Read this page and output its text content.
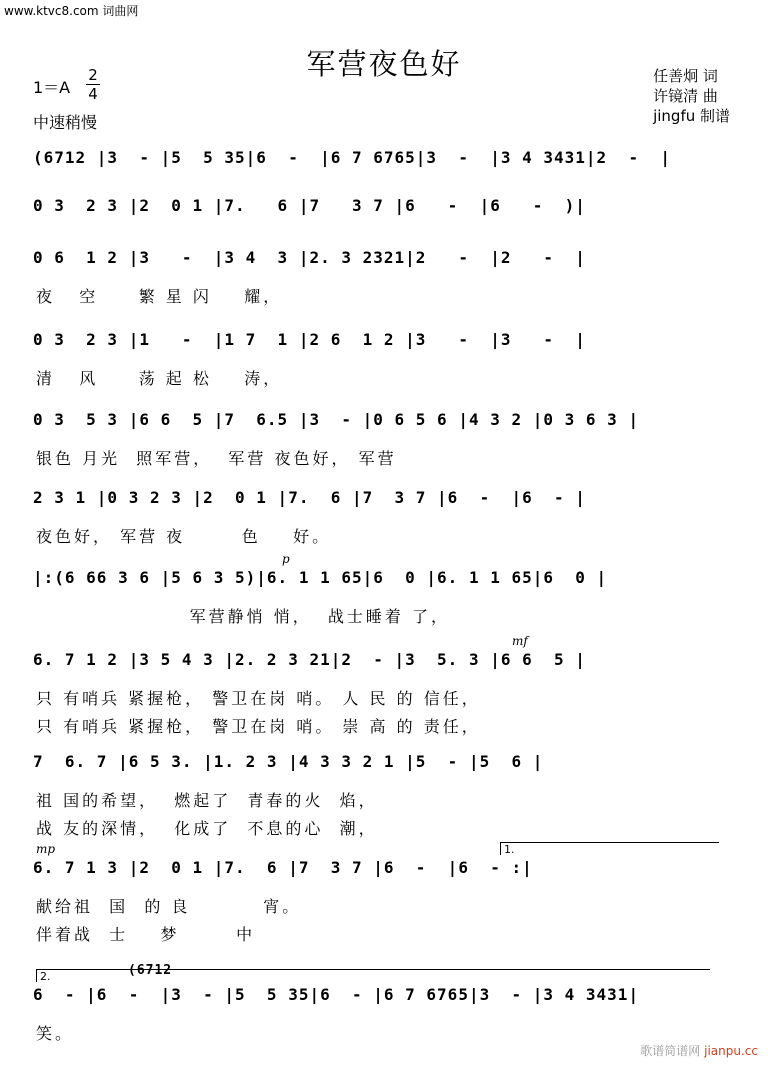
www.ktvc8.com 词曲网
军营夜色好
$1=A \frac{2}{4}$
中速稍慢
任善炯 词
许镜清 曲
jingfu 制谱
(6712 |3  - |5  5 35|6  -  |6 7 6765|3  -  |3 4 3431|2  -  |
0 3  2 3 |2  0 1 |7.   6 |7   3 7 |6   -  |6   -  )|
0 6  1 2 |3   -  |3 4  3 |2. 3 2321|2   -  |2   -  |
夜   空     繁 星 闪    耀，
0 3  2 3 |1   -  |1 7  1 |2 6  1 2 |3   -  |3   -  |
清   风     荡 起 松    涛，
0 3  5 3 |6 6  5 |7  6.5 |3  - |0 6 5 6 |4 3 2 |0 3 6 3 |
银色 月光  照军营，  军营 夜色好， 军营
2 3 1 |0 3 2 3 |2  0 1 |7.  6 |7  3 7 |6  -  |6  - |
夜色好， 军营 夜       色    好。
p
|:(6 66 3 6 |5 6 3 5)|6. 1 1 65|6  0 |6. 1 1 65|6  0 |
军营静悄 悄，  战士睡着 了，
mf
6. 7 1 2 |3 5 4 3 |2. 2 3 21|2  - |3  5. 3 |6 6  5 |
只 有哨兵 紧握枪， 警卫在岗 哨。 人 民 的 信任，
只 有哨兵 紧握枪， 警卫在岗 哨。 崇 高 的 责任，
7  6. 7 |6 5 3. |1. 2 3 |4 3 3 2 1 |5  - |5  6 |
祖 国的希望，  燃起了  青春的火  焰，
战 友的深情，  化成了  不息的心  潮，
1.
mp
6. 7 1 3 |2  0 1 |7.  6 |7  3 7 |6  -  |6  - :|
献给祖  国  的 良         宵。
伴着战  士    梦       中
2.	(6712
6  - |6  -  |3  - |5  5 35|6  - |6 7 6765|3  - |3 4 3431|
笑。
歌谱简谱网 jianpu.cc
